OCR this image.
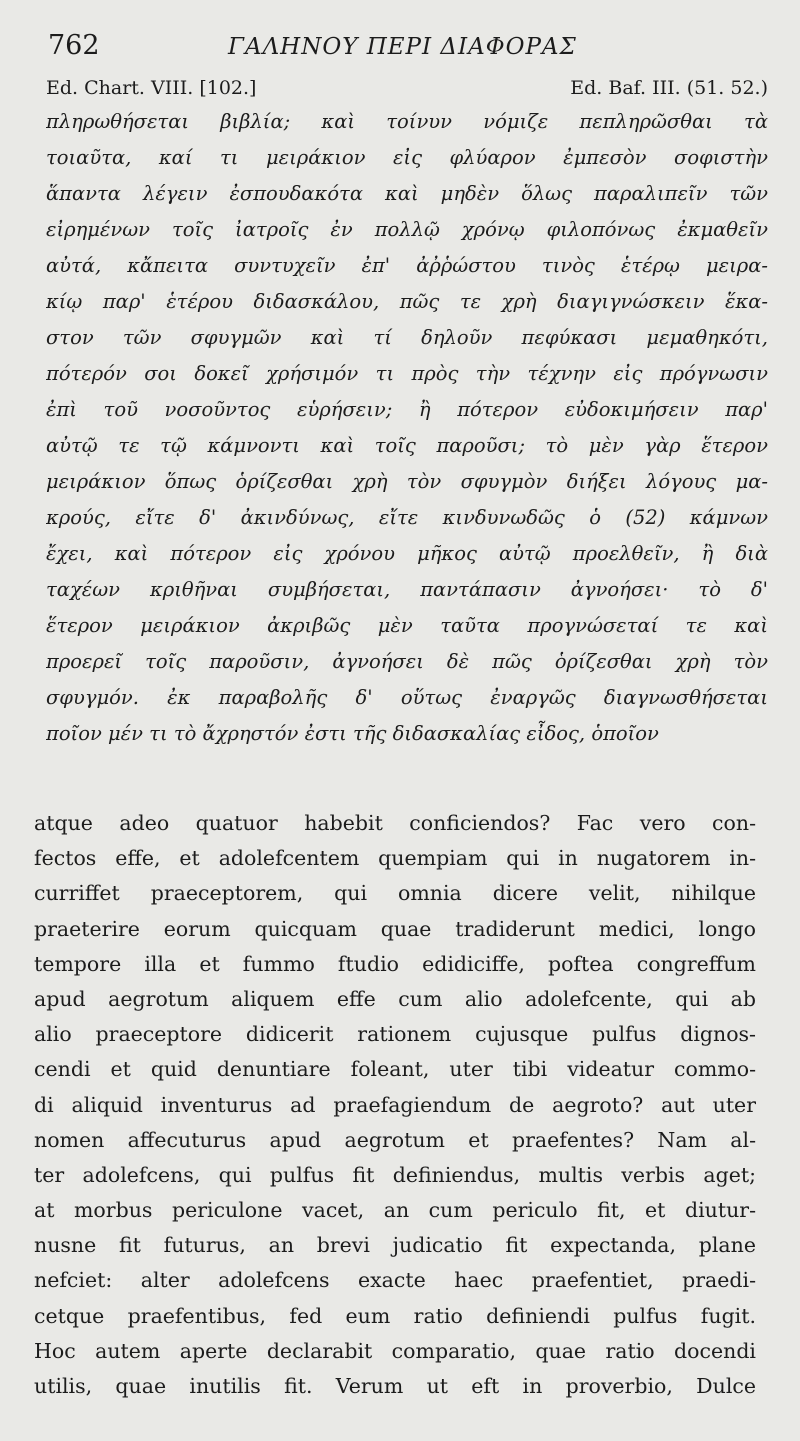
762	ΓΑΛΗΝΟΥ ΠΕΡΙ ΔΙΑΦΟΡΑΣ
Ed. Chart. VIII. [102.]	Ed. Baf. III. (51. 52.)
πληρωθήσεται βιβλία; καὶ τοίνυν νόμιζε πεπληρῶσθαι τὰ
τοιαῦτα, καί τι μειράκιον εἰς φλύαρον ἐμπεσὸν σοφιστὴν
ἅπαντα λέγειν ἐσπουδακότα καὶ μηδὲν ὅλως παραλιπεῖν τῶν
εἰρημένων τοῖς ἰατροῖς ἐν πολλῷ χρόνῳ φιλοπόνως ἐκμαθεῖν
αὐτά, κἄπειτα συντυχεῖν ἐπ' ἀῤῥώστου τινὸς ἑτέρῳ μειρα-
κίῳ παρ' ἑτέρου διδασκάλου, πῶς τε χρὴ διαγιγνώσκειν ἕκα-
στον τῶν σφυγμῶν καὶ τί δηλοῦν πεφύκασι μεμαθηκότι,
πότερόν σοι δοκεῖ χρήσιμόν τι πρὸς τὴν τέχνην εἰς πρόγνωσιν
ἐπὶ τοῦ νοσοῦντος εὑρήσειν; ἢ πότερον εὐδοκιμήσειν παρ'
αὐτῷ τε τῷ κάμνοντι καὶ τοῖς παροῦσι; τὸ μὲν γὰρ ἕτερον
μειράκιον ὅπως ὁρίζεσθαι χρὴ τὸν σφυγμὸν διήξει λόγους μα-
κρούς, εἴτε δ' ἀκινδύνως, εἴτε κινδυνωδῶς ὁ (52) κάμνων
ἔχει, καὶ πότερον εἰς χρόνου μῆκος αὐτῷ προελθεῖν, ἢ διὰ
ταχέων κριθῆναι συμβήσεται, παντάπασιν ἀγνοήσει· τὸ δ'
ἕτερον μειράκιον ἀκριβῶς μὲν ταῦτα προγνώσεταί τε καὶ
προερεῖ τοῖς παροῦσιν, ἀγνοήσει δὲ πῶς ὁρίζεσθαι χρὴ τὸν
σφυγμόν. ἐκ παραβολῆς δ' οὕτως ἐναργῶς διαγνωσθήσεται
ποῖον μέν τι τὸ ἄχρηστόν ἐστι τῆς διδασκαλίας εἶδος, ὁποῖον
atque adeo quatuor habebit conficiendos? Fac vero con-
fectos effe, et adolefcentem quempiam qui in nugatorem in-
curriffet praeceptorem, qui omnia dicere velit, nihilque
praeterire eorum quicquam quae tradiderunt medici, longo
tempore illa et fummo ftudio edidiciffe, poftea congreffum
apud aegrotum aliquem effe cum alio adolefcente, qui ab
alio praeceptore didicerit rationem cujusque pulfus dignos-
cendi et quid denuntiare foleant, uter tibi videatur commo-
di aliquid inventurus ad praefagiendum de aegroto? aut uter
nomen affecuturus apud aegrotum et praefentes? Nam al-
ter adolefcens, qui pulfus fit definiendus, multis verbis aget;
at morbus periculone vacet, an cum periculo fit, et diutur-
nusne fit futurus, an brevi judicatio fit expectanda, plane
nefciet: alter adolefcens exacte haec praefentiet, praedi-
cetque praefentibus, fed eum ratio definiendi pulfus fugit.
Hoc autem aperte declarabit comparatio, quae ratio docendi
utilis, quae inutilis fit. Verum ut eft in proverbio, Dulce
